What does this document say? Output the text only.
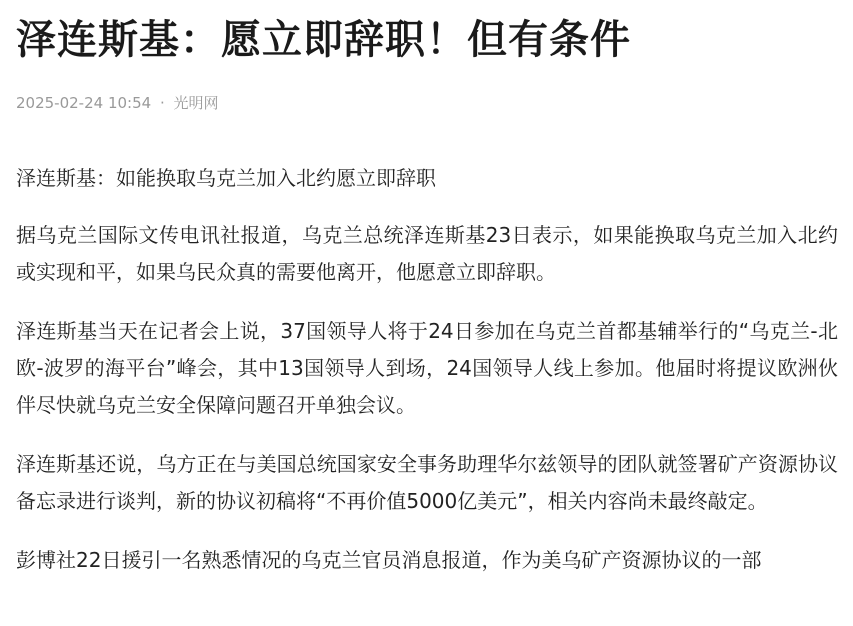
泽连斯基：愿立即辞职！但有条件
2025-02-24 10:54 · 光明网

泽连斯基：如能换取乌克兰加入北约愿立即辞职

据乌克兰国际文传电讯社报道，乌克兰总统泽连斯基23日表示，如果能换取乌克兰加入北约或实现和平，如果乌民众真的需要他离开，他愿意立即辞职。

泽连斯基当天在记者会上说，37国领导人将于24日参加在乌克兰首都基辅举行的“乌克兰-北欧-波罗的海平台”峰会，其中13国领导人到场，24国领导人线上参加。他届时将提议欧洲伙伴尽快就乌克兰安全保障问题召开单独会议。

泽连斯基还说，乌方正在与美国总统国家安全事务助理华尔兹领导的团队就签署矿产资源协议备忘录进行谈判，新的协议初稿将“不再价值5000亿美元”，相关内容尚未最终敲定。

彭博社22日援引一名熟悉情况的乌克兰官员消息报道，作为美乌矿产资源协议的一部
